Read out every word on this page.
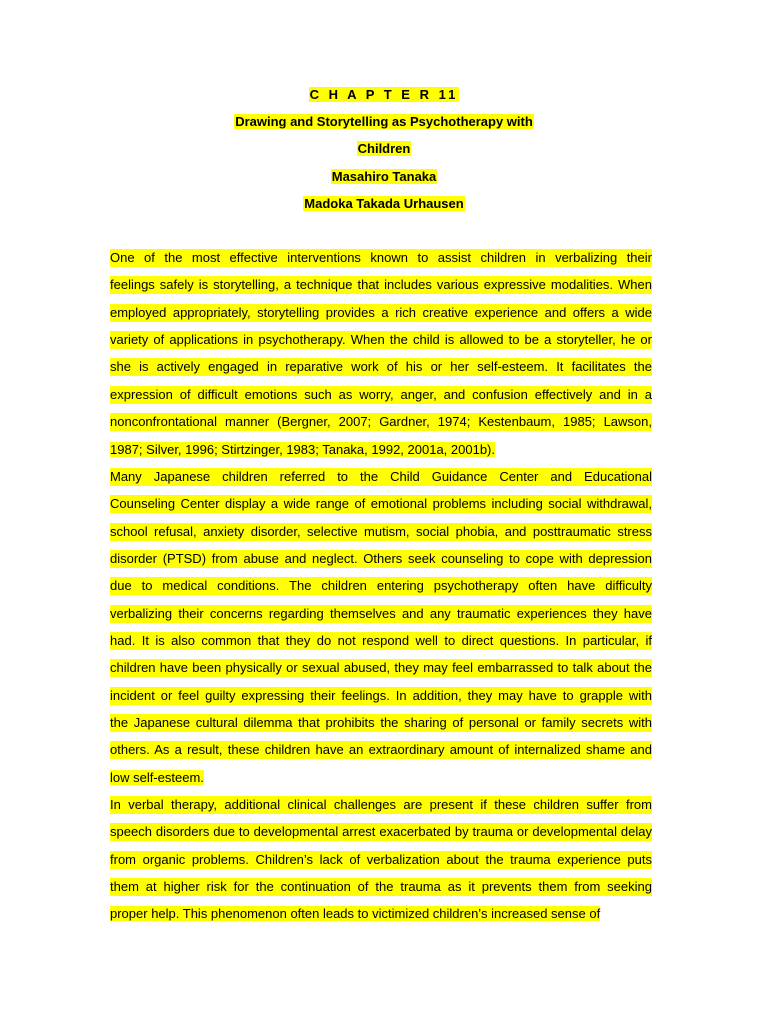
C H A P T E R 11
Drawing and Storytelling as Psychotherapy with
Children
Masahiro Tanaka
Madoka Takada Urhausen
One of the most effective interventions known to assist children in verbalizing their
feelings safely is storytelling, a technique that includes various expressive modalities. When
employed appropriately, storytelling provides a rich creative experience and offers a wide
variety of applications in psychotherapy. When the child is allowed to be a storyteller, he or
she is actively engaged in reparative work of his or her self-esteem. It facilitates the
expression of difficult emotions such as worry, anger, and confusion effectively and in a
nonconfrontational manner (Bergner, 2007; Gardner, 1974; Kestenbaum, 1985; Lawson,
1987; Silver, 1996; Stirtzinger, 1983; Tanaka, 1992, 2001a, 2001b).
Many Japanese children referred to the Child Guidance Center and Educational
Counseling Center display a wide range of emotional problems including social withdrawal,
school refusal, anxiety disorder, selective mutism, social phobia, and posttraumatic stress
disorder (PTSD) from abuse and neglect. Others seek counseling to cope with depression
due to medical conditions. The children entering psychotherapy often have difficulty
verbalizing their concerns regarding themselves and any traumatic experiences they have
had. It is also common that they do not respond well to direct questions. In particular, if
children have been physically or sexual abused, they may feel embarrassed to talk about the
incident or feel guilty expressing their feelings. In addition, they may have to grapple with
the Japanese cultural dilemma that prohibits the sharing of personal or family secrets with
others. As a result, these children have an extraordinary amount of internalized shame and
low self-esteem.
In verbal therapy, additional clinical challenges are present if these children suffer from
speech disorders due to developmental arrest exacerbated by trauma or developmental delay
from organic problems. Children’s lack of verbalization about the trauma experience puts
them at higher risk for the continuation of the trauma as it prevents them from seeking
proper help. This phenomenon often leads to victimized children’s increased sense of
